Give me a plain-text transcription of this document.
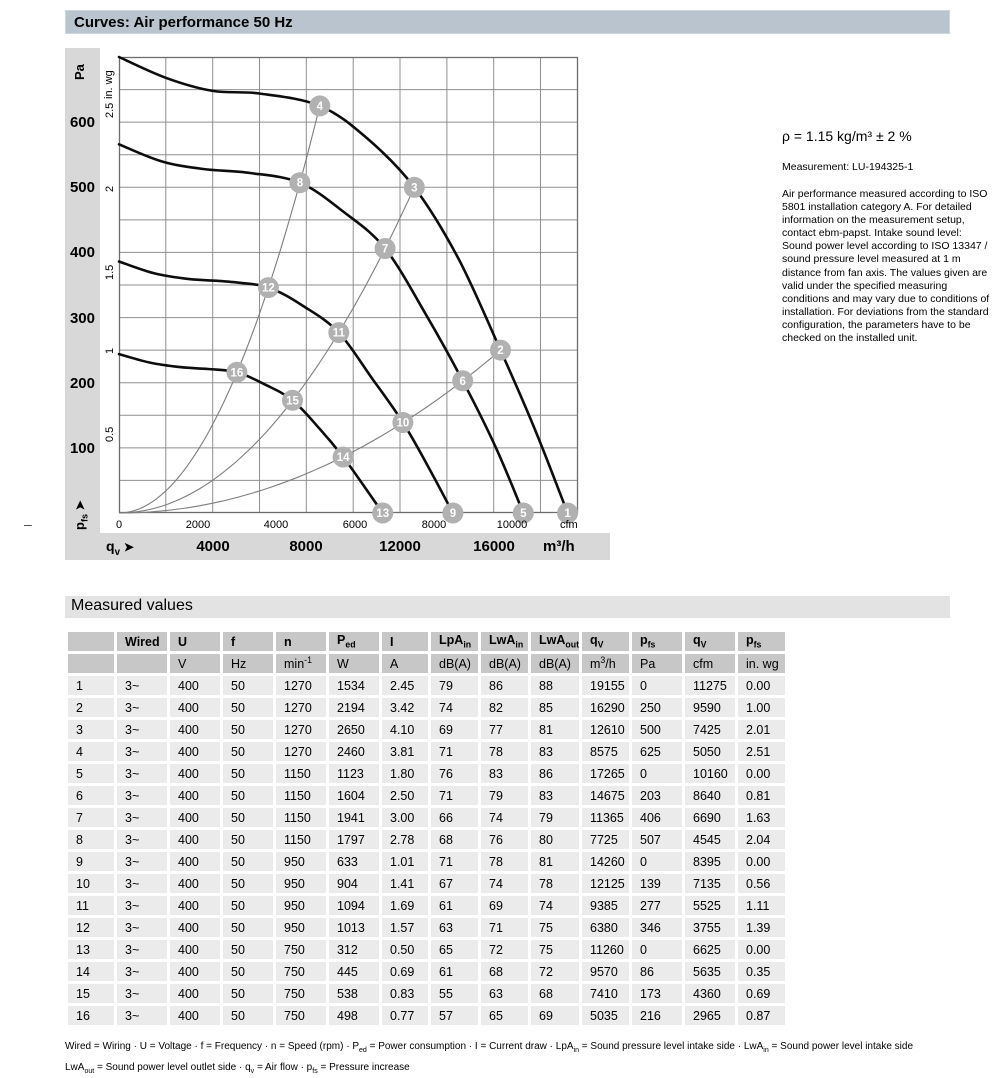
Curves: Air performance 50 Hz
Pa in. wg
1
2
3
4
5
6
7
8
9
10
11
12
13
14
15
16
cfm
$q_v$ ➤	m³/h
$p_{fs}$ ➤
–
ρ = 1.15 kg/m³ ± 2 %
Measurement: LU-194325-1
Air performance measured according to ISO 5801 installation category A. For detailed information on the measurement setup, contact ebm-papst. Intake sound level: Sound power level according to ISO 13347 / sound pressure level measured at 1 m distance from fan axis. The values given are valid under the specified measuring conditions and may vary due to conditions of installation. For deviations from the standard configuration, the parameters have to be checked on the installed unit.
Measured values
	Wired	U	f	n	$P_{ed}$	I	LpA$_{in}$	LwA$_{in}$	LwA$_{out}$	$q_V$	$p_{fs}$	$q_V$	$p_{fs}$
		V	Hz	$\min^{-1}$	W	A	dB(A)	dB(A)	dB(A)	$m^3/h$	Pa	cfm	in. wg
1	3~	400	50	1270	1534	2.45	79	86	88	19155	0	11275	0.00
2	3~	400	50	1270	2194	3.42	74	82	85	16290	250	9590	1.00
3	3~	400	50	1270	2650	4.10	69	77	81	12610	500	7425	2.01
4	3~	400	50	1270	2460	3.81	71	78	83	8575	625	5050	2.51
5	3~	400	50	1150	1123	1.80	76	83	86	17265	0	10160	0.00
6	3~	400	50	1150	1604	2.50	71	79	83	14675	203	8640	0.81
7	3~	400	50	1150	1941	3.00	66	74	79	11365	406	6690	1.63
8	3~	400	50	1150	1797	2.78	68	76	80	7725	507	4545	2.04
9	3~	400	50	950	633	1.01	71	78	81	14260	0	8395	0.00
10	3~	400	50	950	904	1.41	67	74	78	12125	139	7135	0.56
11	3~	400	50	950	1094	1.69	61	69	74	9385	277	5525	1.11
12	3~	400	50	950	1013	1.57	63	71	75	6380	346	3755	1.39
13	3~	400	50	750	312	0.50	65	72	75	11260	0	6625	0.00
14	3~	400	50	750	445	0.69	61	68	72	9570	86	5635	0.35
15	3~	400	50	750	538	0.83	55	63	68	7410	173	4360	0.69
16	3~	400	50	750	498	0.77	57	65	69	5035	216	2965	0.87
Wired = Wiring · U = Voltage · f = Frequency · n = Speed $(rpm) \cdot P_{ed}$ = Power consumption · I = Current draw · LpA$_{in}$ = Sound pressure level intake side · LwA$_{in}$ = Sound power level intake side
LwA$_{out}$ = Sound power level outlet side · $q_v$ = Air flow · $p_{fs}$ = Pressure increase
600
500
400
300
200
100
2.5
2
1.5
1
0.5
0	2000	4000	6000	8000	10000
4000	8000	12000	16000
